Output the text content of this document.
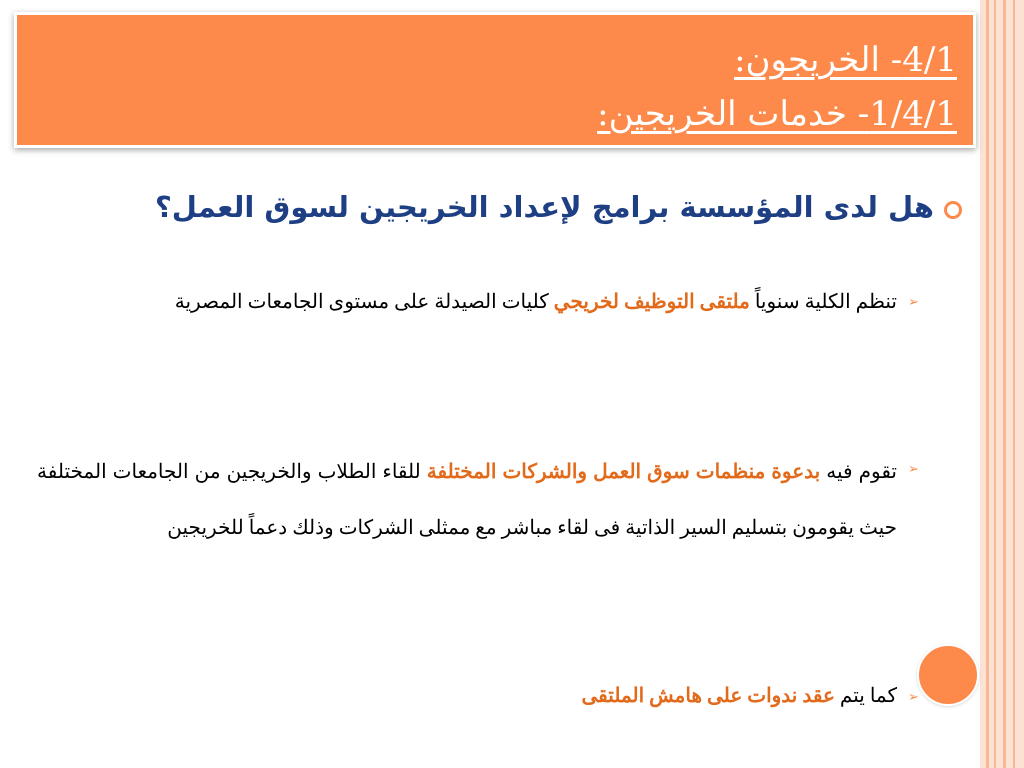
4/1- الخريجون:
1/4/1- خدمات الخريجين:
هل لدى المؤسسة برامج لإعداد الخريجين لسوق العمل؟
➢
تنظم الكلية سنوياً ملتقى التوظيف لخريجي كليات الصيدلة على مستوى الجامعات المصرية
➢
تقوم فيه بدعوة منظمات سوق العمل والشركات المختلفة للقاء الطلاب والخريجين من الجامعات المختلفة حيث يقومون بتسليم السير الذاتية فى لقاء مباشر مع ممثلى الشركات وذلك دعماً للخريجين
➢
كما يتم عقد ندوات على هامش الملتقى
